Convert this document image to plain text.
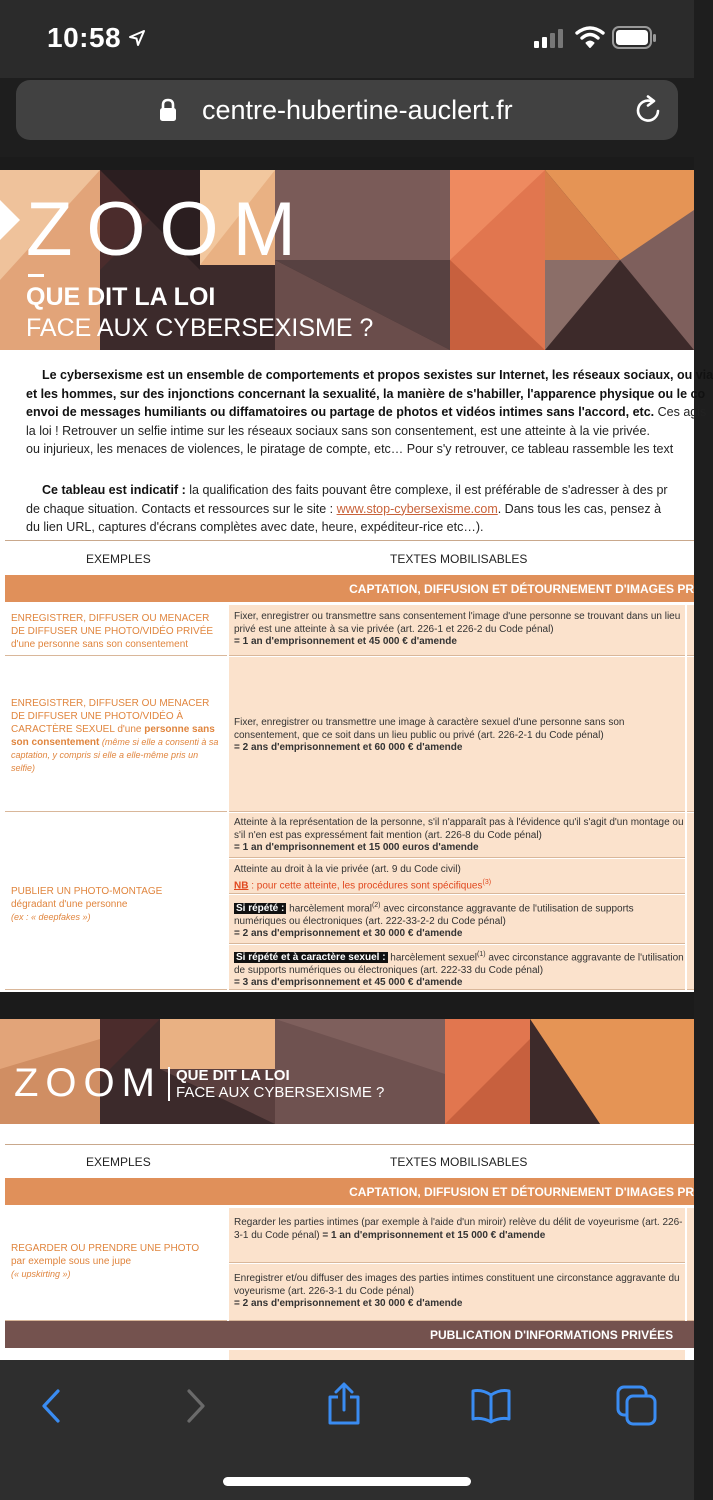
10:58
centre-hubertine-auclert.fr
ZOOM
QUE DIT LA LOI
FACE AUX CYBERSEXISME ?
Le cybersexisme est un ensemble de comportements et propos sexistes sur Internet, les réseaux sociaux, ou via
et les hommes, sur des injonctions concernant la sexualité, la manière de s'habiller, l'apparence physique ou le co
envoi de messages humiliants ou diffamatoires ou partage de photos et vidéos intimes sans l'accord, etc. Ces agis
la loi ! Retrouver un selfie intime sur les réseaux sociaux sans son consentement, est une atteinte à la vie privée.
ou injurieux, les menaces de violences, le piratage de compte, etc… Pour s'y retrouver, ce tableau rassemble les text
Ce tableau est indicatif : la qualification des faits pouvant être complexe, il est préférable de s'adresser à des pr
de chaque situation. Contacts et ressources sur le site : www.stop-cybersexisme.com. Dans tous les cas, pensez à
du lien URL, captures d'écrans complètes avec date, heure, expéditeur-rice etc…).
EXEMPLES	TEXTES MOBILISABLES
CAPTATION, DIFFUSION ET DÉTOURNEMENT D'IMAGES PR
ENREGISTRER, DIFFUSER OU MENACER DE DIFFUSER UNE PHOTO/VIDÉO PRIVÉE
d'une personne sans son consentement
Fixer, enregistrer ou transmettre sans consentement l'image d'une personne se trouvant dans un lieu privé est une atteinte à sa vie privée (art. 226-1 et 226-2 du Code pénal)
= 1 an d'emprisonnement et 45 000 € d'amende
ENREGISTRER, DIFFUSER OU MENACER DE DIFFUSER UNE PHOTO/VIDÉO À CARACTÈRE SEXUEL d'une personne sans son consentement (même si elle a consenti à sa captation, y compris si elle a elle-même pris un selfie)
Fixer, enregistrer ou transmettre une image à caractère sexuel d'une personne sans son consentement, que ce soit dans un lieu public ou privé (art. 226-2-1 du Code pénal)
= 2 ans d'emprisonnement et 60 000 € d'amende
PUBLIER UN PHOTO-MONTAGE
dégradant d'une personne
(ex : « deepfakes »)
Atteinte à la représentation de la personne, s'il n'apparaît pas à l'évidence qu'il s'agit d'un montage ou s'il n'en est pas expressément fait mention (art. 226-8 du Code pénal)
= 1 an d'emprisonnement et 15 000 euros d'amende
Atteinte au droit à la vie privée (art. 9 du Code civil)
NB : pour cette atteinte, les procédures sont spécifiques$^{(3)}$
Si répété : harcèlement moral$^{(2)}$ avec circonstance aggravante de l'utilisation de supports numériques ou électroniques (art. 222-33-2-2 du Code pénal)
= 2 ans d'emprisonnement et 30 000 € d'amende
Si répété et à caractère sexuel : harcèlement sexuel$^{(1)}$ avec circonstance aggravante de l'utilisation de supports numériques ou électroniques (art. 222-33 du Code pénal)
= 3 ans d'emprisonnement et 45 000 € d'amende
ZOOM QUE DIT LA LOI
FACE AUX CYBERSEXISME ?
EXEMPLES	TEXTES MOBILISABLES
CAPTATION, DIFFUSION ET DÉTOURNEMENT D'IMAGES PR
REGARDER OU PRENDRE UNE PHOTO
par exemple sous une jupe
(« upskirting »)
Regarder les parties intimes (par exemple à l'aide d'un miroir) relève du délit de voyeurisme (art. 226-3-1 du Code pénal) = 1 an d'emprisonnement et 15 000 € d'amende
Enregistrer et/ou diffuser des images des parties intimes constituent une circonstance aggravante du voyeurisme (art. 226-3-1 du Code pénal)
= 2 ans d'emprisonnement et 30 000 € d'amende
PUBLICATION D'INFORMATIONS PRIVÉES
